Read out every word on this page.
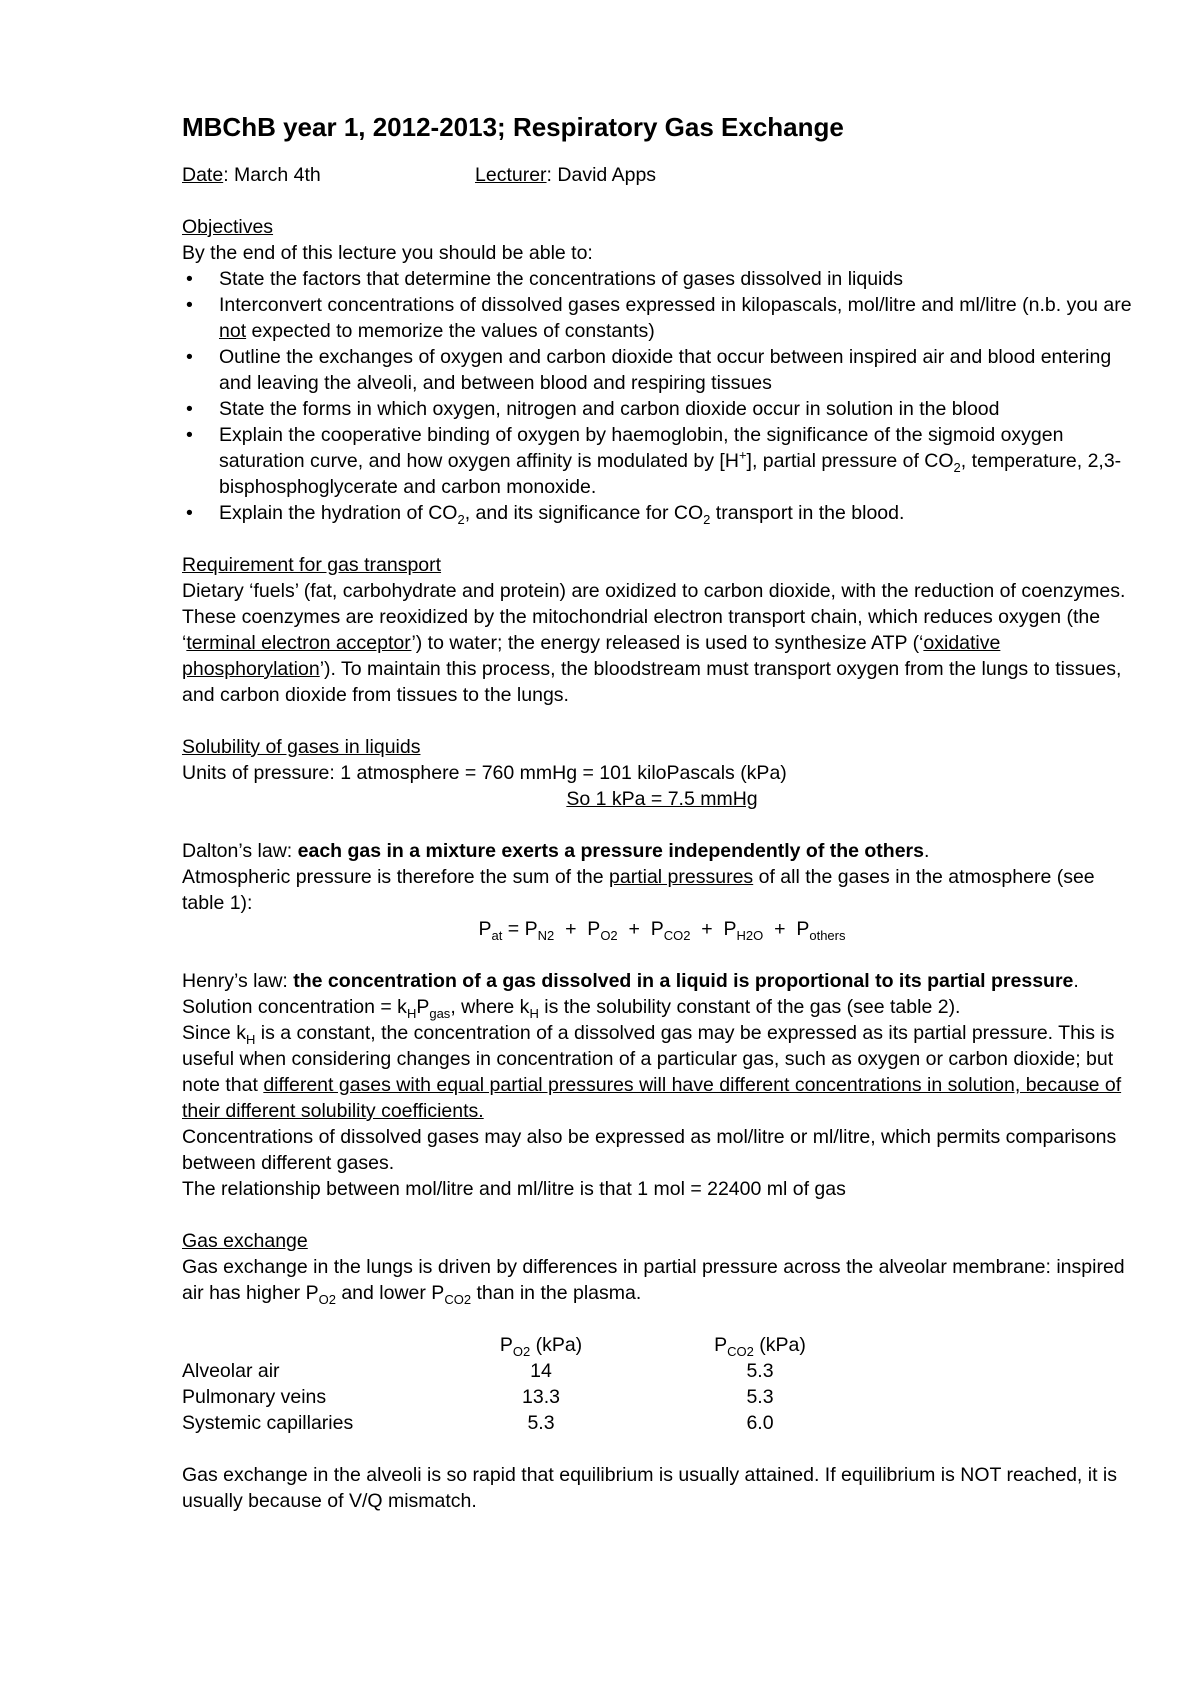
MBChB year 1, 2012-2013; Respiratory Gas Exchange
Date: March 4th	Lecturer: David Apps
Objectives
By the end of this lecture you should be able to:
• State the factors that determine the concentrations of gases dissolved in liquids
• Interconvert concentrations of dissolved gases expressed in kilopascals, mol/litre and ml/litre (n.b. you are not expected to memorize the values of constants)
• Outline the exchanges of oxygen and carbon dioxide that occur between inspired air and blood entering and leaving the alveoli, and between blood and respiring tissues
• State the forms in which oxygen, nitrogen and carbon dioxide occur in solution in the blood
• Explain the cooperative binding of oxygen by haemoglobin, the significance of the sigmoid oxygen saturation curve, and how oxygen affinity is modulated by [H+], partial pressure of $CO_2$, temperature, 2,3-bisphosphoglycerate and carbon monoxide.
• Explain the hydration of $CO_2$, and its significance for $CO_2$ transport in the blood.
Requirement for gas transport

Dietary ‘fuels’ (fat, carbohydrate and protein) are oxidized to carbon dioxide, with the reduction of coenzymes. These coenzymes are reoxidized by the mitochondrial electron transport chain, which reduces oxygen (the ‘terminal electron acceptor’) to water; the energy released is used to synthesize ATP (‘oxidative phosphorylation’). To maintain this process, the bloodstream must transport oxygen from the lungs to tissues, and carbon dioxide from tissues to the lungs.

Solubility of gases in liquids
Units of pressure: 1 atmosphere = 760 mmHg = 101 kiloPascals (kPa)
So 1 kPa = 7.5 mmHg
Dalton’s law: each gas in a mixture exerts a pressure independently of the others.
Atmospheric pressure is therefore the sum of the partial pressures of all the gases in the atmosphere (see table 1):
$P_{at} = P_{N2} + P_{O2} + P_{CO2} + P_{H2O} + P_{others}$
Henry’s law: the concentration of a gas dissolved in a liquid is proportional to its partial pressure.
Solution concentration = $k_HP_{gas}$, where $k_H$ is the solubility constant of the gas (see table 2).
Since $k_H$ is a constant, the concentration of a dissolved gas may be expressed as its partial pressure. This is useful when considering changes in concentration of a particular gas, such as oxygen or carbon dioxide; but note that different gases with equal partial pressures will have different concentrations in solution, because of their different solubility coefficients.
Concentrations of dissolved gases may also be expressed as mol/litre or ml/litre, which permits comparisons between different gases.
The relationship between mol/litre and ml/litre is that 1 mol = 22400 ml of gas
Gas exchange
Gas exchange in the lungs is driven by differences in partial pressure across the alveolar membrane: inspired air has higher $P_{O2}$ and lower $P_{CO2}$ than in the plasma.
	$P_{O2}$ (kPa)	$P_{CO2}$ (kPa)
Alveolar air	14	5.3
Pulmonary veins	13.3	5.3
Systemic capillaries	5.3	6.0
Gas exchange in the alveoli is so rapid that equilibrium is usually attained. If equilibrium is NOT reached, it is usually because of V/Q mismatch.
